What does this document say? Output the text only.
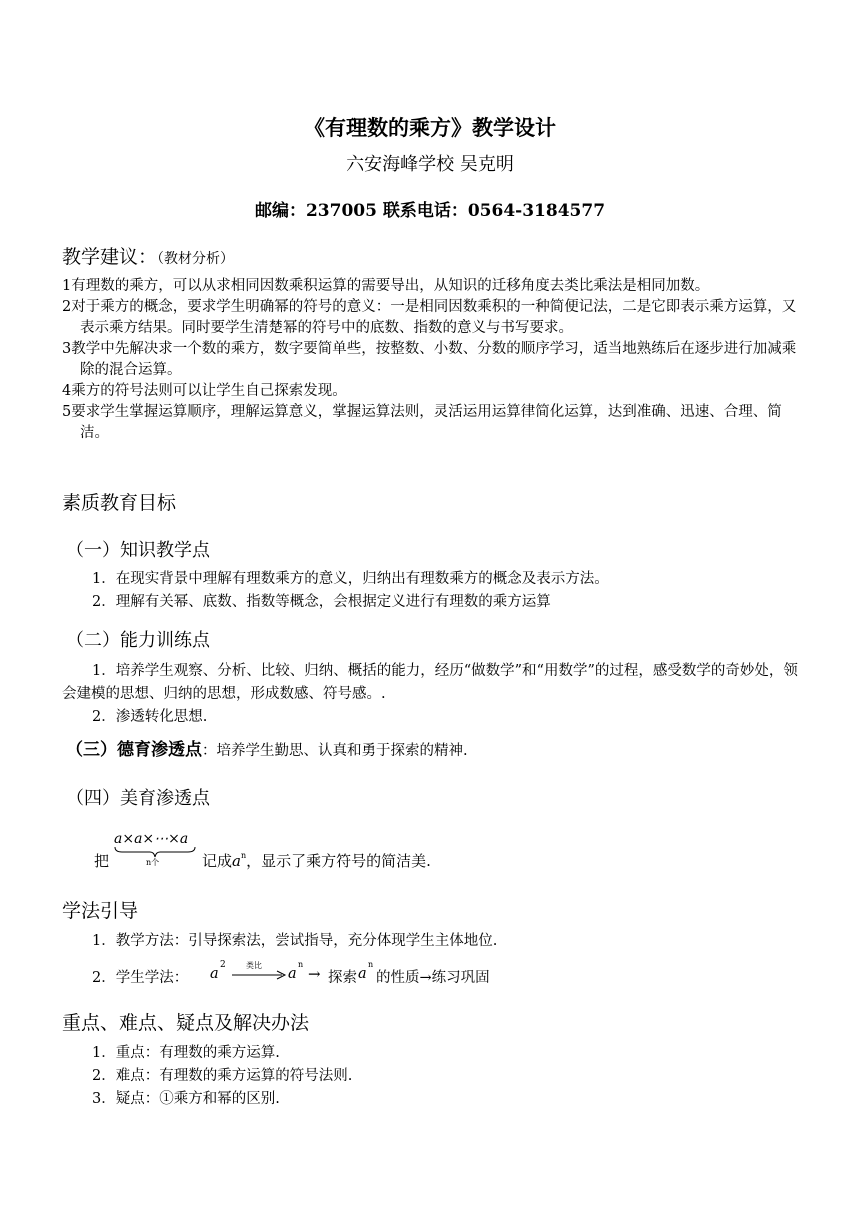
《有理数的乘方》教学设计
六安海峰学校 吴克明
邮编：237005 联系电话：0564-3184577
教学建议：（教材分析）
1有理数的乘方，可以从求相同因数乘积运算的需要导出，从知识的迁移角度去类比乘法是相同加数。
2对于乘方的概念，要求学生明确幂的符号的意义：一是相同因数乘积的一种简便记法，二是它即表示乘方运算，又表示乘方结果。同时要学生清楚幂的符号中的底数、指数的意义与书写要求。
3教学中先解决求一个数的乘方，数字要简单些，按整数、小数、分数的顺序学习，适当地熟练后在逐步进行加减乘除的混合运算。
4乘方的符号法则可以让学生自己探索发现。
5要求学生掌握运算顺序，理解运算意义，掌握运算法则，灵活运用运算律简化运算，达到准确、迅速、合理、简洁。
素质教育目标
（一）知识教学点
1．在现实背景中理解有理数乘方的意义，归纳出有理数乘方的概念及表示方法。
2．理解有关幂、底数、指数等概念，会根据定义进行有理数的乘方运算
（二）能力训练点
1．培养学生观察、分析、比较、归纳、概括的能力，经历“做数学”和“用数学”的过程，感受数学的奇妙处，领会建模的思想、归纳的思想，形成数感、符号感。.
2．渗透转化思想.
（三）德育渗透点：培养学生勤思、认真和勇于探索的精神.
（四）美育渗透点
把
a×a×⋯×a
n个	记成$a^n$，显示了乘方符号的简洁美.
学法引导
1．教学方法：引导探索法，尝试指导，充分体现学生主体地位.
2．学生学法： a
2	类比
a
n
→ 探索 a
n
的性质→练习巩固
重点、难点、疑点及解决办法
1．重点：有理数的乘方运算.
2．难点：有理数的乘方运算的符号法则.
3．疑点：①乘方和幂的区别.
